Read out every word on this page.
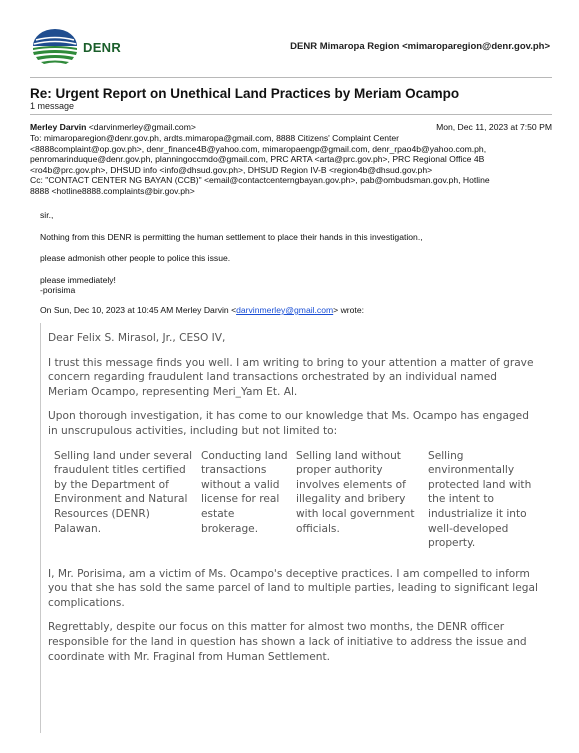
DENR	DENR Mimaropa Region <mimaroparegion@denr.gov.ph>
Re: Urgent Report on Unethical Land Practices by Meriam Ocampo
1 message
Merley Darvin <darvinmerley@gmail.com>	Mon, Dec 11, 2023 at 7:50 PM
To: mimaroparegion@denr.gov.ph, ardts.mimaropa@gmail.com, 8888 Citizens' Complaint Center
<8888complaint@op.gov.ph>, denr_finance4B@yahoo.com, mimaropaengp@gmail.com, denr_rpao4b@yahoo.com.ph,
penromarinduque@denr.gov.ph, planningoccmdo@gmail.com, PRC ARTA <arta@prc.gov.ph>, PRC Regional Office 4B
<ro4b@prc.gov.ph>, DHSUD info <info@dhsud.gov.ph>, DHSUD Region IV-B <region4b@dhsud.gov.ph>
Cc: "CONTACT CENTER NG BAYAN (CCB)" <email@contactcenterngbayan.gov.ph>, pab@ombudsman.gov.ph, Hotline
8888 <hotline8888.complaints@bir.gov.ph>

sir.,

Nothing from this DENR is permitting the human settlement to place their hands in this investigation.,

please admonish other people to police this issue.

please immediately!
-porisima
On Sun, Dec 10, 2023 at 10:45 AM Merley Darvin <darvinmerley@gmail.com> wrote:

Dear Felix S. Mirasol, Jr., CESO IV,

I trust this message finds you well. I am writing to bring to your attention a matter of grave concern regarding fraudulent land transactions orchestrated by an individual named Meriam Ocampo, representing Meri_Yam Et. Al.

Upon thorough investigation, it has come to our knowledge that Ms. Ocampo has engaged in unscrupulous activities, including but not limited to:

Selling land under several fraudulent titles certified by the Department of Environment and Natural Resources (DENR) Palawan.
Conducting land transactions without a valid license for real estate brokerage.
Selling land without proper authority involves elements of illegality and bribery with local government officials.
Selling environmentally protected land with the intent to industrialize it into well-developed property.

I, Mr. Porisima, am a victim of Ms. Ocampo's deceptive practices. I am compelled to inform you that she has sold the same parcel of land to multiple parties, leading to significant legal complications.

Regrettably, despite our focus on this matter for almost two months, the DENR officer responsible for the land in question has shown a lack of initiative to address the issue and coordinate with Mr. Fraginal from Human Settlement.
